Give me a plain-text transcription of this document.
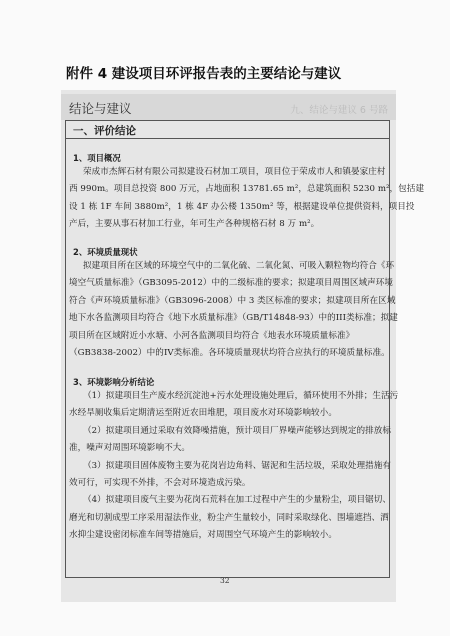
附件 4 建设项目环评报告表的主要结论与建议
结论与建议	九、结论与建议 6 号路
一、评价结论
1、项目概况
荣成市杰辉石材有限公司拟建设石材加工项目，项目位于荣成市人和镇晏家庄村
西 990m。项目总投资 800 万元，占地面积 13781.65 m²，总建筑面积 5230 m²，包括建
设 1 栋 1F 车间 3880m²，1 栋 4F 办公楼 1350m² 等，根据建设单位提供资料，项目投
产后，主要从事石材加工行业，年可生产各种规格石材 8 万 m²。
2、环境质量现状
拟建项目所在区域的环境空气中的二氧化硫、二氧化氮、可吸入颗粒物均符合《环
境空气质量标准》（GB3095-2012）中的二级标准的要求；拟建项目周围区域声环境
符合《声环境质量标准》（GB3096-2008）中 3 类区标准的要求；拟建项目所在区域
地下水各监测项目均符合《地下水质量标准》（GB/T14848-93）中的III类标准；拟建
项目所在区域附近小水塘、小河各监测项目均符合《地表水环境质量标准》
（GB3838-2002）中的IV类标准。各环境质量现状均符合应执行的环境质量标准。
3、环境影响分析结论
（1）拟建项目生产废水经沉淀池+污水处理设施处理后，循环使用不外排；生活污
水经旱厕收集后定期清运至附近农田堆肥，项目废水对环境影响较小。
（2）拟建项目通过采取有效降噪措施，预计项目厂界噪声能够达到规定的排放标
准，噪声对周围环境影响不大。
（3）拟建项目固体废物主要为花岗岩边角料、锯泥和生活垃圾，采取处理措施有
效可行，可实现不外排，不会对环境造成污染。
（4）拟建项目废气主要为花岗石荒料在加工过程中产生的少量粉尘，项目锯切、
磨光和切割成型工序采用湿法作业，粉尘产生量较小，同时采取绿化、围墙遮挡、洒
水抑尘建设密闭标准车间等措施后，对周围空气环境产生的影响较小。
32
